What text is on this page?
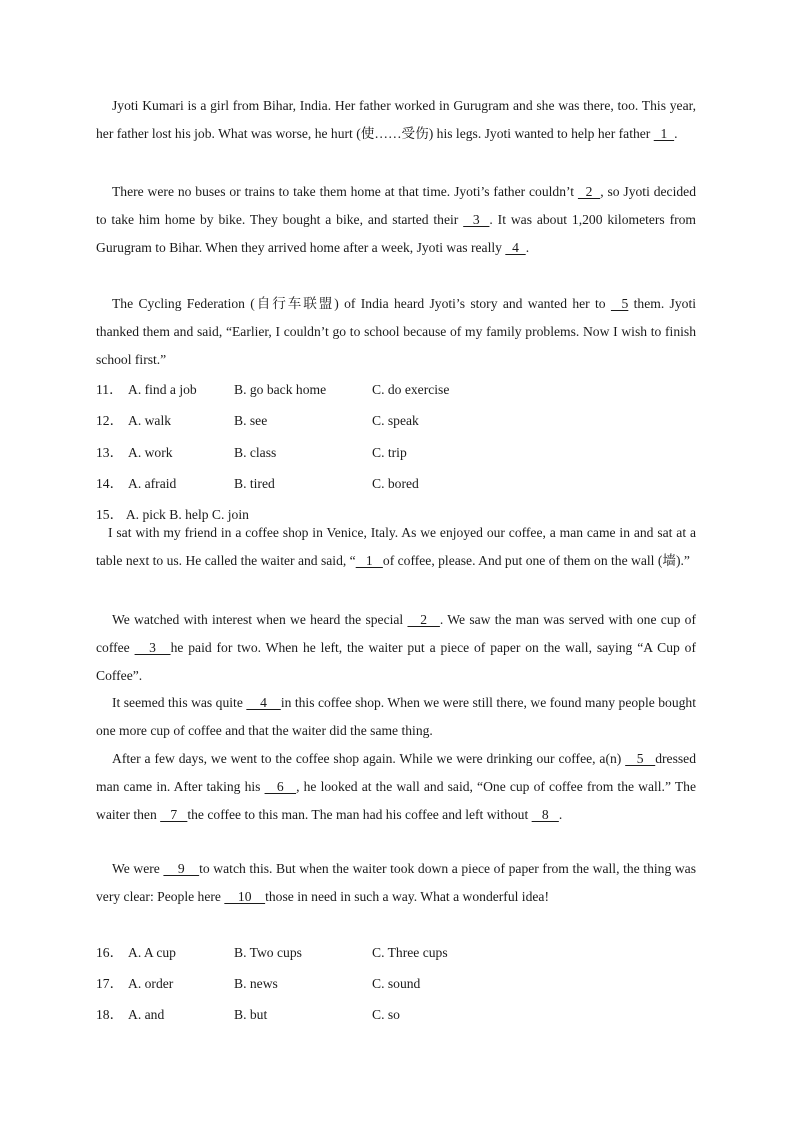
Jyoti Kumari is a girl from Bihar, India. Her father worked in Gurugram and she was there, too. This year, her father lost his job. What was worse, he hurt (使……受伤) his legs. Jyoti wanted to help her father   1  .

There were no buses or trains to take them home at that time. Jyoti’s father couldn’t   2  , so Jyoti decided to take him home by bike. They bought a bike, and started their   3  . It was about 1,200 kilometers from Gurugram to Bihar. When they arrived home after a week, Jyoti was really   4  .

The Cycling Federation (自行车联盟) of India heard Jyoti’s story and wanted her to   5 them. Jyoti thanked them and said, “Earlier, I couldn’t go to school because of my family problems. Now I wish to finish school first.”

11． A. find a job	B. go back home	C. do exercise
12． A. walk	B. see	C. speak
13． A. work	B. class	C. trip
14． A. afraid	B. tired	C. bored
15． A. pick B. help C. join

I sat with my friend in a coffee shop in Venice, Italy. As we enjoyed our coffee, a man came in and sat at a table next to us. He called the waiter and said, “   1   of coffee, please. And put one of them on the wall (墙).”

We watched with interest when we heard the special    2   . We saw the man was served with one cup of coffee    3   he paid for two. When he left, the waiter put a piece of paper on the wall, saying “A Cup of Coffee”.

It seemed this was quite     4    in this coffee shop. When we were still there, we found many people bought one more cup of coffee and that the waiter did the same thing.

After a few days, we went to the coffee shop again. While we were drinking our coffee, a(n)    5   dressed man came in. After taking his    6   , he looked at the wall and said, “One cup of coffee from the wall.” The waiter then    7   the coffee to this man. The man had his coffee and left without    8   .

We were     9    to watch this. But when the waiter took down a piece of paper from the wall, the thing was very clear: People here     10    those in need in such a way. What a wonderful idea!

16． A. A cup	B. Two cups	C. Three cups
17． A. order	B. news	C. sound
18． A. and	B. but	C. so
